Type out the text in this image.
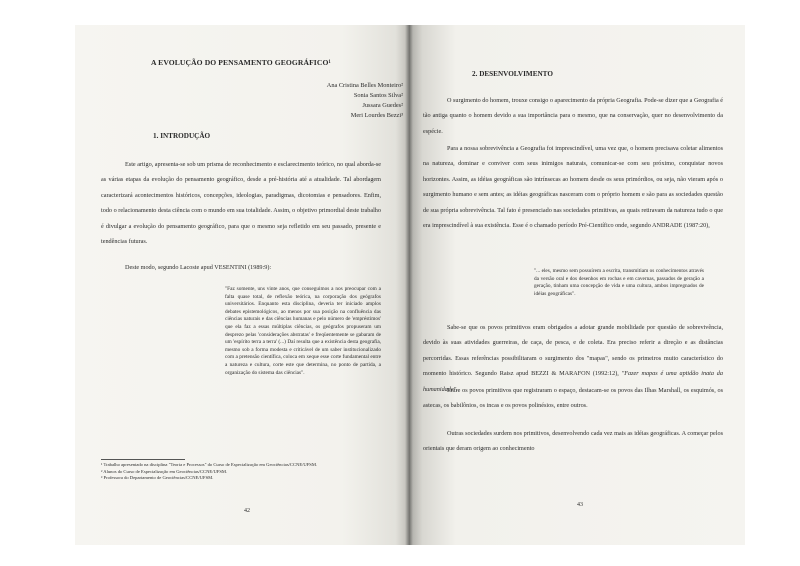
A EVOLUÇÃO DO PENSAMENTO GEOGRÁFICO¹

Ana Cristina Belles Monteiro²
Sonia Santos Silva²
Jussara Guedes²
Meri Lourdes Bezzi³

1. INTRODUÇÃO

Este artigo, apresenta-se sob um prisma de reconhecimento e esclarecimento teórico, no qual aborda-se as várias etapas da evolução do pensamento geográfico, desde a pré-história até a atualidade. Tal abordagem caracterizará acontecimentos históricos, concepções, ideologias, paradigmas, dicotomias e pensadores. Enfim, todo o relacionamento desta ciência com o mundo em sua totalidade. Assim, o objetivo primordial deste trabalho é divulgar a evolução do pensamento geográfico, para que o mesmo seja refletido em seu passado, presente e tendências futuras.

Deste modo, segundo Lacoste apud VESENTINI (1989:9):

"Faz somente, uns vinte anos, que conseguimos a nos preocupar com a falta quase total, de reflexão teórica, na corporação dos geógrafos universitários. Enquanto esta disciplina, deveria ter iniciado amplos debates epistemológicos, ao menos por sua posição na confluência das ciências naturais e das ciências humanas e pelo número de 'empréstimos' que ela faz a essas múltiplas ciências, os geógrafos propuseram um desprezo pelas 'considerações abstratas' e freqüentemente se gabaram de um 'espírito terra a terra' (...) Daí resulta que a existência desta geografia, mesmo sob a forma modesta e criticável de um saber institucionalizado com a pretensão científica, coloca em xeque esse corte fundamental entre a natureza e cultura, corte este que determina, no ponto de partida, a organização do sistema das ciências".

¹ Trabalho apresentado na disciplina "Teoria e Processos" do Curso de Especialização em Geociências/CCNE/UFSM.
² Alunos do Curso de Especialização em Geociências/CCNE/UFSM.
³ Professora do Departamento de Geociências/CCNE/UFSM.

42

2. DESENVOLVIMENTO

O surgimento do homem, trouxe consigo o aparecimento da própria Geografia. Pode-se dizer que a Geografia é tão antiga quanto o homem devido a sua importância para o mesmo, que na conservação, quer no desenvolvimento da espécie.

Para a nossa sobrevivência a Geografia foi imprescindível, uma vez que, o homem precisava coletar alimentos na natureza, dominar e conviver com seus inimigos naturais, comunicar-se com seu próximo, conquistar novos horizontes. Assim, as idéias geográficas são intrínsecas ao homem desde os seus primórdios, ou seja, não vieram após o surgimento humano e sem antes; as idéias geográficas nasceram com o próprio homem e são para as sociedades questão de sua própria sobrevivência. Tal fato é presenciado nas sociedades primitivas, as quais retiravam da natureza tudo o que era imprescindível à sua existência. Esse é o chamado período Pré-Científico onde, segundo ANDRADE (1987:20),

"... eles, mesmo sem possuírem a escrita, transmitiam os conhecimentos através da versão oral e dos desenhos em rochas e em cavernas, passados de geração a geração, tinham uma concepção de vida e uma cultura, ambos impregnados de idéias geográficas".

Sabe-se que os povos primitivos eram obrigados a adotar grande mobilidade por questão de sobrevivência, devido às suas atividades guerreiras, de caça, de pesca, e de coleta. Era preciso referir a direção e as distâncias percorridas. Essas referências possibilitaram o surgimento dos "mapas", sendo os primeiros muito característico do momento histórico. Segundo Raisz apud BEZZI & MARAFON (1992:12), "Fazer mapas é uma aptidão inata da humanidade".

Entre os povos primitivos que registraram o espaço, destacam-se os povos das Ilhas Marshall, os esquimós, os astecas, os babilônios, os incas e os povos polinésios, entre outros.

Outras sociedades surdem nos primitivos, desenvolvendo cada vez mais as idéias geográficas. A começar pelos orientais que deram origem ao conhecimento

43
